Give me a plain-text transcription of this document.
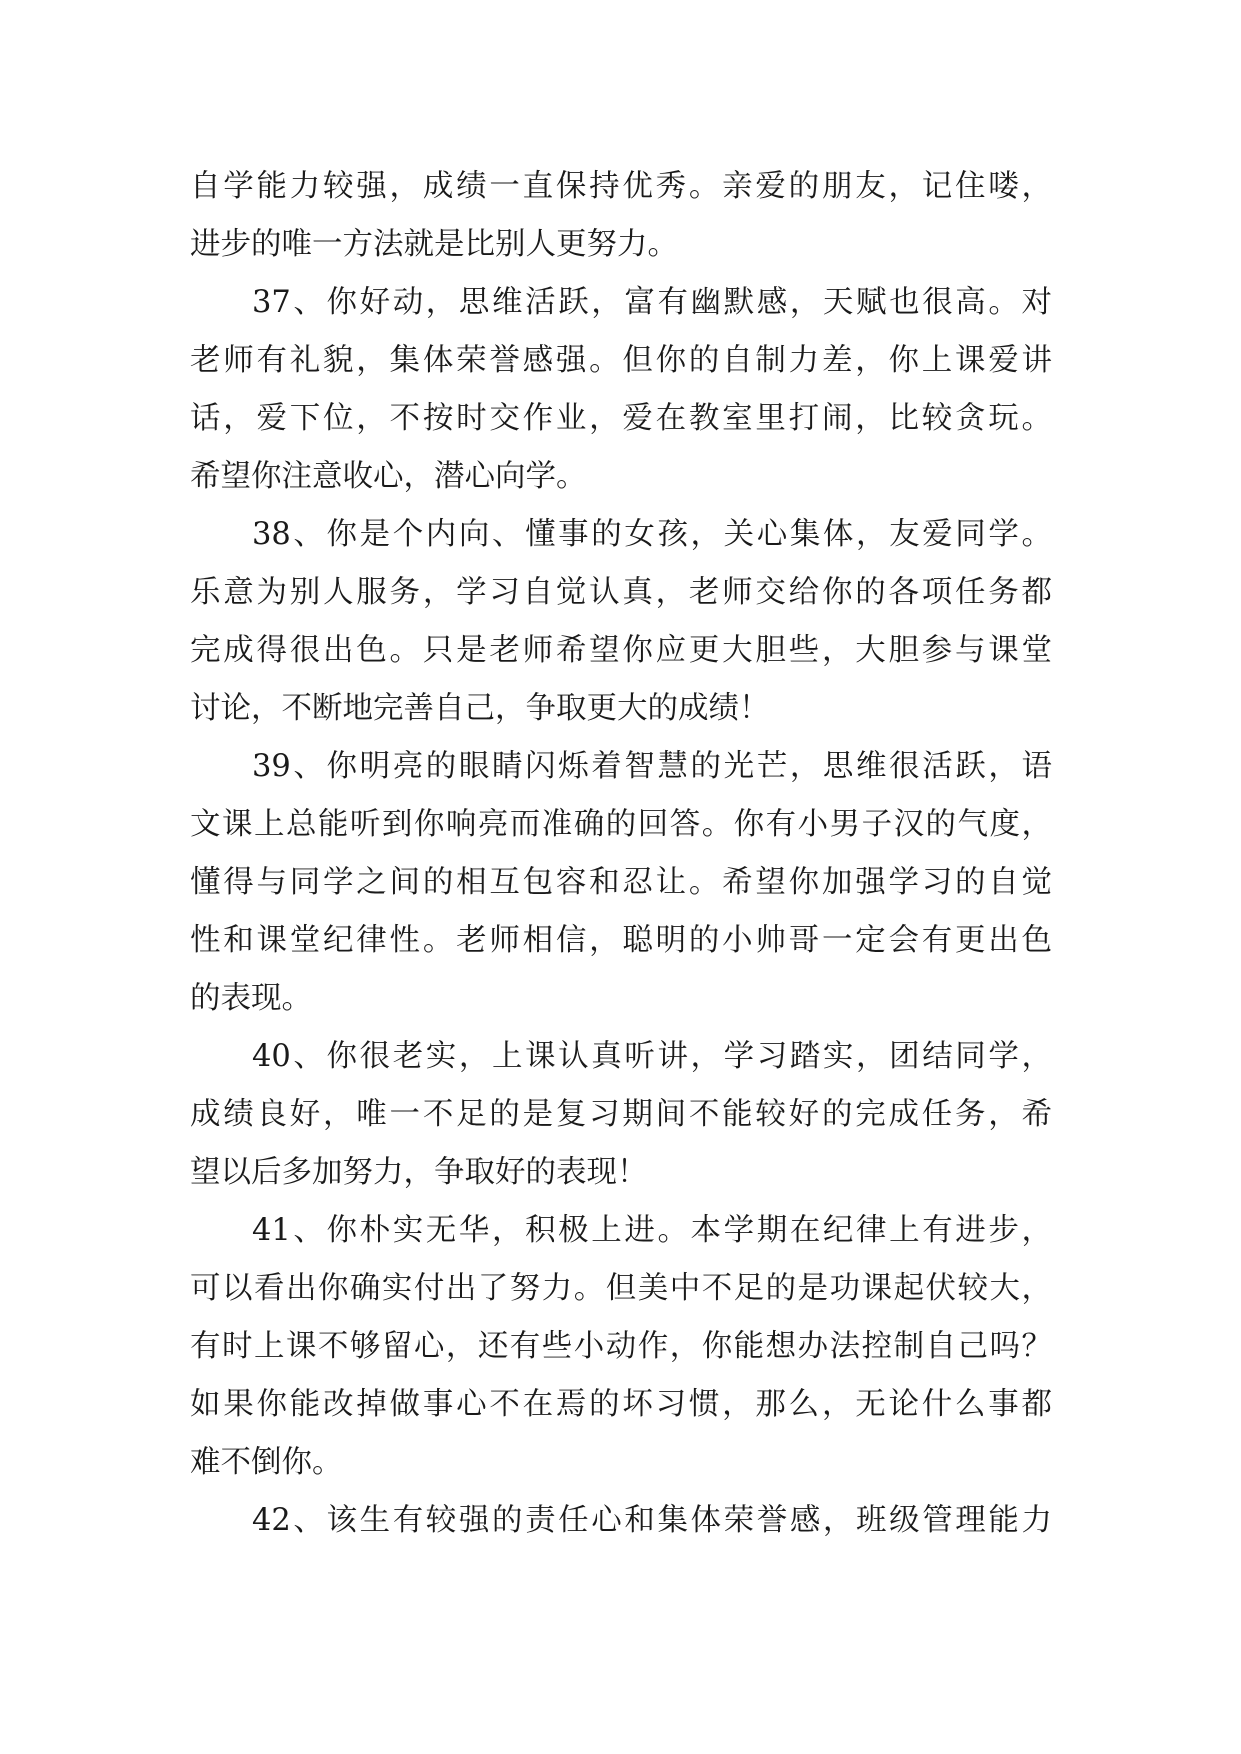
自学能力较强，成绩一直保持优秀。亲爱的朋友，记住喽，
进步的唯一方法就是比别人更努力。
37、你好动，思维活跃，富有幽默感，天赋也很高。对
老师有礼貌，集体荣誉感强。但你的自制力差，你上课爱讲
话，爱下位，不按时交作业，爱在教室里打闹，比较贪玩。
希望你注意收心，潜心向学。
38、你是个内向、懂事的女孩，关心集体，友爱同学。
乐意为别人服务，学习自觉认真，老师交给你的各项任务都
完成得很出色。只是老师希望你应更大胆些，大胆参与课堂
讨论，不断地完善自己，争取更大的成绩！
39、你明亮的眼睛闪烁着智慧的光芒，思维很活跃，语
文课上总能听到你响亮而准确的回答。你有小男子汉的气度，
懂得与同学之间的相互包容和忍让。希望你加强学习的自觉
性和课堂纪律性。老师相信，聪明的小帅哥一定会有更出色
的表现。
40、你很老实，上课认真听讲，学习踏实，团结同学，
成绩良好，唯一不足的是复习期间不能较好的完成任务，希
望以后多加努力，争取好的表现！
41、你朴实无华，积极上进。本学期在纪律上有进步，
可以看出你确实付出了努力。但美中不足的是功课起伏较大，
有时上课不够留心，还有些小动作，你能想办法控制自己吗？
如果你能改掉做事心不在焉的坏习惯，那么，无论什么事都
难不倒你。
42、该生有较强的责任心和集体荣誉感，班级管理能力
